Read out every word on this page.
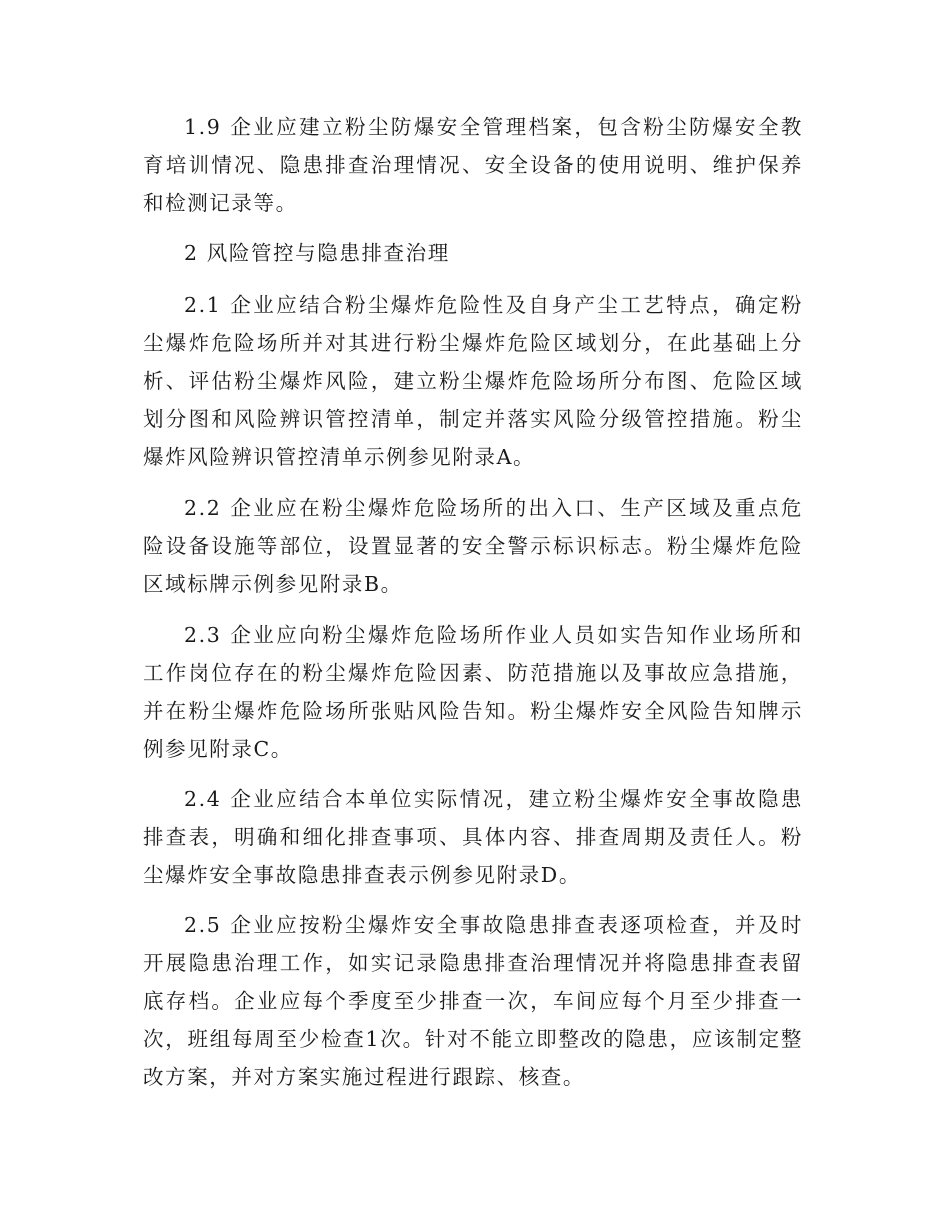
1.9 企业应建立粉尘防爆安全管理档案，包含粉尘防爆安全教育培训情况、隐患排查治理情况、安全设备的使用说明、维护保养和检测记录等。

2 风险管控与隐患排查治理

2.1 企业应结合粉尘爆炸危险性及自身产尘工艺特点，确定粉尘爆炸危险场所并对其进行粉尘爆炸危险区域划分，在此基础上分析、评估粉尘爆炸风险，建立粉尘爆炸危险场所分布图、危险区域划分图和风险辨识管控清单，制定并落实风险分级管控措施。粉尘爆炸风险辨识管控清单示例参见附录A。

2.2 企业应在粉尘爆炸危险场所的出入口、生产区域及重点危险设备设施等部位，设置显著的安全警示标识标志。粉尘爆炸危险区域标牌示例参见附录B。

2.3 企业应向粉尘爆炸危险场所作业人员如实告知作业场所和工作岗位存在的粉尘爆炸危险因素、防范措施以及事故应急措施，并在粉尘爆炸危险场所张贴风险告知。粉尘爆炸安全风险告知牌示例参见附录C。

2.4 企业应结合本单位实际情况，建立粉尘爆炸安全事故隐患排查表，明确和细化排查事项、具体内容、排查周期及责任人。粉尘爆炸安全事故隐患排查表示例参见附录D。

2.5 企业应按粉尘爆炸安全事故隐患排查表逐项检查，并及时开展隐患治理工作，如实记录隐患排查治理情况并将隐患排查表留底存档。企业应每个季度至少排查一次，车间应每个月至少排查一次，班组每周至少检查1次。针对不能立即整改的隐患，应该制定整改方案，并对方案实施过程进行跟踪、核查。
